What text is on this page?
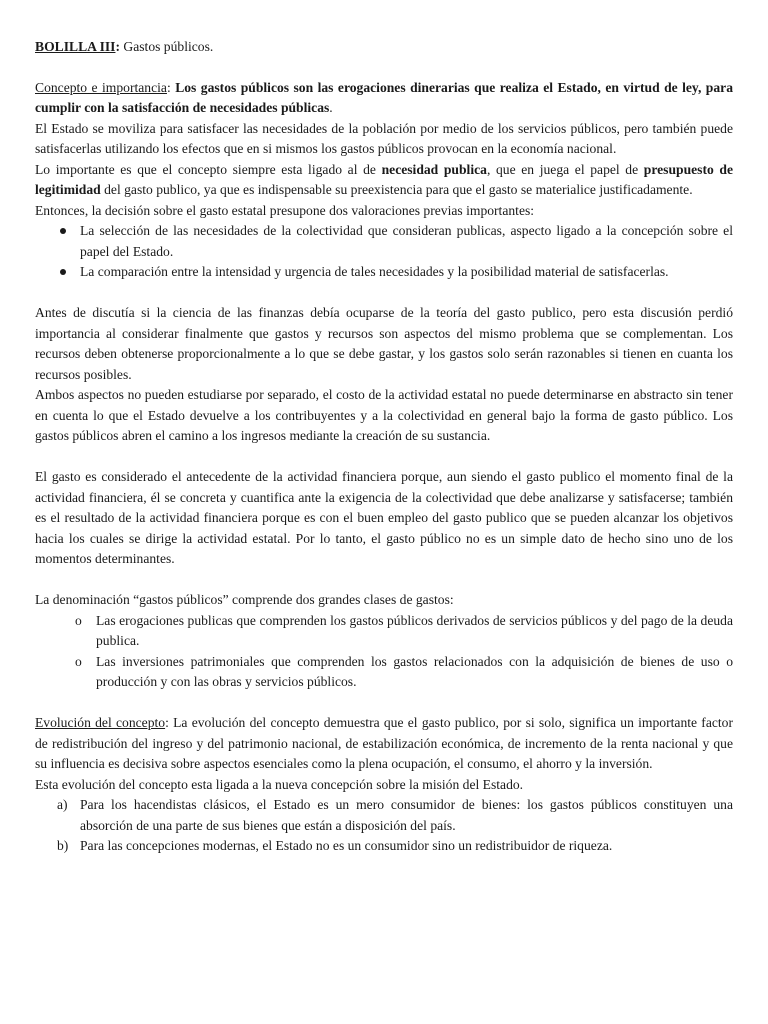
BOLILLA III: Gastos públicos.

Concepto e importancia: Los gastos públicos son las erogaciones dinerarias que realiza el Estado, en virtud de ley, para cumplir con la satisfacción de necesidades públicas.

El Estado se moviliza para satisfacer las necesidades de la población por medio de los servicios públicos, pero también puede satisfacerlas utilizando los efectos que en si mismos los gastos públicos provocan en la economía nacional.

Lo importante es que el concepto siempre esta ligado al de necesidad publica, que en juega el papel de presupuesto de legitimidad del gasto publico, ya que es indispensable su preexistencia para que el gasto se materialice justificadamente.

Entonces, la decisión sobre el gasto estatal presupone dos valoraciones previas importantes:

La selección de las necesidades de la colectividad que consideran publicas, aspecto ligado a la concepción sobre el papel del Estado.
La comparación entre la intensidad y urgencia de tales necesidades y la posibilidad material de satisfacerlas.

Antes de discutía si la ciencia de las finanzas debía ocuparse de la teoría del gasto publico, pero esta discusión perdió importancia al considerar finalmente que gastos y recursos son aspectos del mismo problema que se complementan. Los recursos deben obtenerse proporcionalmente a lo que se debe gastar, y los gastos solo serán razonables si tienen en cuanta los recursos posibles.

Ambos aspectos no pueden estudiarse por separado, el costo de la actividad estatal no puede determinarse en abstracto sin tener en cuenta lo que el Estado devuelve a los contribuyentes y a la colectividad en general bajo la forma de gasto público. Los gastos públicos abren el camino a los ingresos mediante la creación de su sustancia.

El gasto es considerado el antecedente de la actividad financiera porque, aun siendo el gasto publico el momento final de la actividad financiera, él se concreta y cuantifica ante la exigencia de la colectividad que debe analizarse y satisfacerse; también es el resultado de la actividad financiera porque es con el buen empleo del gasto publico que se pueden alcanzar los objetivos hacia los cuales se dirige la actividad estatal. Por lo tanto, el gasto público no es un simple dato de hecho sino uno de los momentos determinantes.

La denominación “gastos públicos” comprende dos grandes clases de gastos:

o	Las erogaciones publicas que comprenden los gastos públicos derivados de servicios públicos y del pago de la deuda publica.
o	Las inversiones patrimoniales que comprenden los gastos relacionados con la adquisición de bienes de uso o producción y con las obras y servicios públicos.

Evolución del concepto: La evolución del concepto demuestra que el gasto publico, por si solo, significa un importante factor de redistribución del ingreso y del patrimonio nacional, de estabilización económica, de incremento de la renta nacional y que su influencia es decisiva sobre aspectos esenciales como la plena ocupación, el consumo, el ahorro y la inversión.

Esta evolución del concepto esta ligada a la nueva concepción sobre la misión del Estado.

a) Para los hacendistas clásicos, el Estado es un mero consumidor de bienes: los gastos públicos constituyen una absorción de una parte de sus bienes que están a disposición del país.
b) Para las concepciones modernas, el Estado no es un consumidor sino un redistribuidor de riqueza.
